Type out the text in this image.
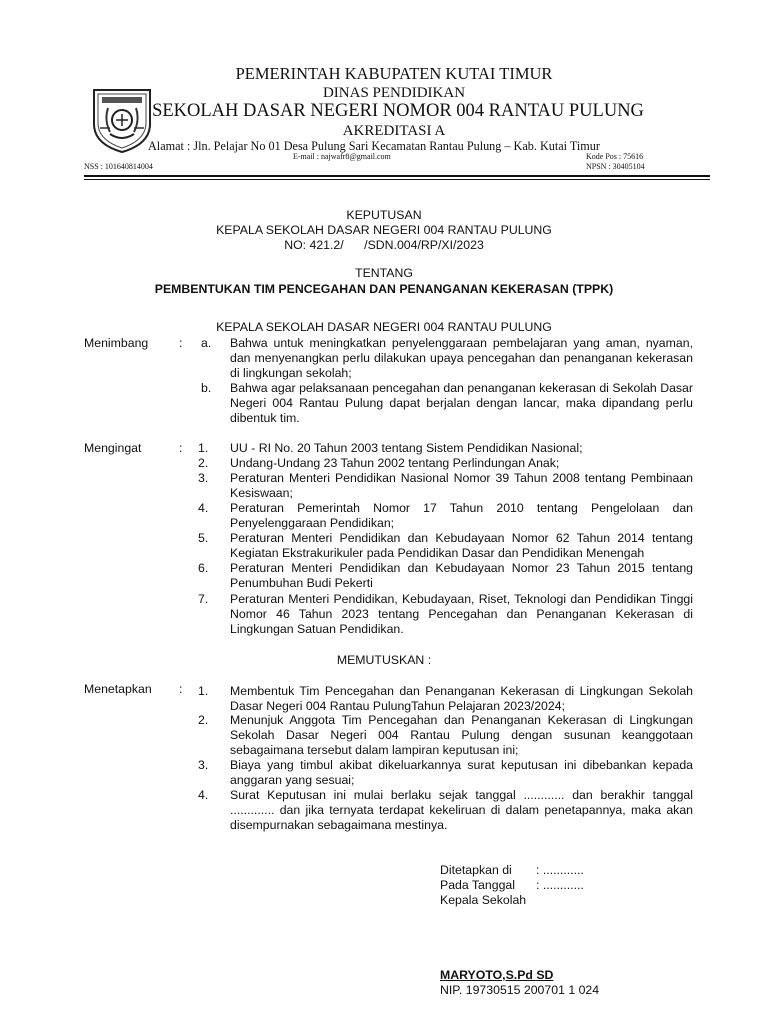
PEMERINTAH KABUPATEN KUTAI TIMUR
DINAS PENDIDIKAN
SEKOLAH DASAR NEGERI NOMOR 004 RANTAU PULUNG
AKREDITASI A
Alamat : Jln. Pelajar No 01 Desa Pulung Sari Kecamatan Rantau Pulung – Kab. Kutai Timur
E-mail : najwafr8@gmail.com	Kode Pos : 75616
NSS : 101640814004	NPSN : 30405104
KEPUTUSAN
KEPALA SEKOLAH DASAR NEGERI 004 RANTAU PULUNG
NO: 421.2/      /SDN.004/RP/XI/2023
TENTANG
PEMBENTUKAN TIM PENCEGAHAN DAN PENANGANAN KEKERASAN (TPPK)
KEPALA SEKOLAH DASAR NEGERI 004 RANTAU PULUNG
Menimbang : a. Bahwa untuk meningkatkan penyelenggaraan pembelajaran yang aman, nyaman, dan menyenangkan perlu dilakukan upaya pencegahan dan penanganan kekerasan di lingkungan sekolah;
b. Bahwa agar pelaksanaan pencegahan dan penanganan kekerasan di Sekolah Dasar Negeri 004 Rantau Pulung dapat berjalan dengan lancar, maka dipandang perlu dibentuk tim.
Mengingat	: 1. UU - RI No. 20 Tahun 2003 tentang Sistem Pendidikan Nasional;
2. Undang-Undang 23 Tahun 2002 tentang Perlindungan Anak;
3. Peraturan Menteri Pendidikan Nasional Nomor 39 Tahun 2008 tentang Pembinaan Kesiswaan;
4. Peraturan Pemerintah Nomor 17 Tahun 2010 tentang Pengelolaan dan Penyelenggaraan Pendidikan;
5. Peraturan Menteri Pendidikan dan Kebudayaan Nomor 62 Tahun 2014 tentang Kegiatan Ekstrakurikuler pada Pendidikan Dasar dan Pendidikan Menengah
6. Peraturan Menteri Pendidikan dan Kebudayaan Nomor 23 Tahun 2015 tentang Penumbuhan Budi Pekerti
7. Peraturan Menteri Pendidikan, Kebudayaan, Riset, Teknologi dan Pendidikan Tinggi Nomor 46 Tahun 2023 tentang Pencegahan dan Penanganan Kekerasan di Lingkungan Satuan Pendidikan.
MEMUTUSKAN :
Menetapkan : 1. Membentuk Tim Pencegahan dan Penanganan Kekerasan di Lingkungan Sekolah Dasar Negeri 004 Rantau PulungTahun Pelajaran 2023/2024;
2. Menunjuk Anggota Tim Pencegahan dan Penanganan Kekerasan di Lingkungan Sekolah Dasar Negeri 004 Rantau Pulung dengan susunan keanggotaan sebagaimana tersebut dalam lampiran keputusan ini;
3. Biaya yang timbul akibat dikeluarkannya surat keputusan ini dibebankan kepada anggaran yang sesuai;
4. Surat Keputusan ini mulai berlaku sejak tanggal ............ dan berakhir tanggal ............. dan jika ternyata terdapat kekeliruan di dalam penetapannya, maka akan disempurnakan sebagaimana mestinya.
Ditetapkan di : ............
Pada Tanggal : ............
Kepala Sekolah
MARYOTO,S.Pd SD
NIP. 19730515 200701 1 024
